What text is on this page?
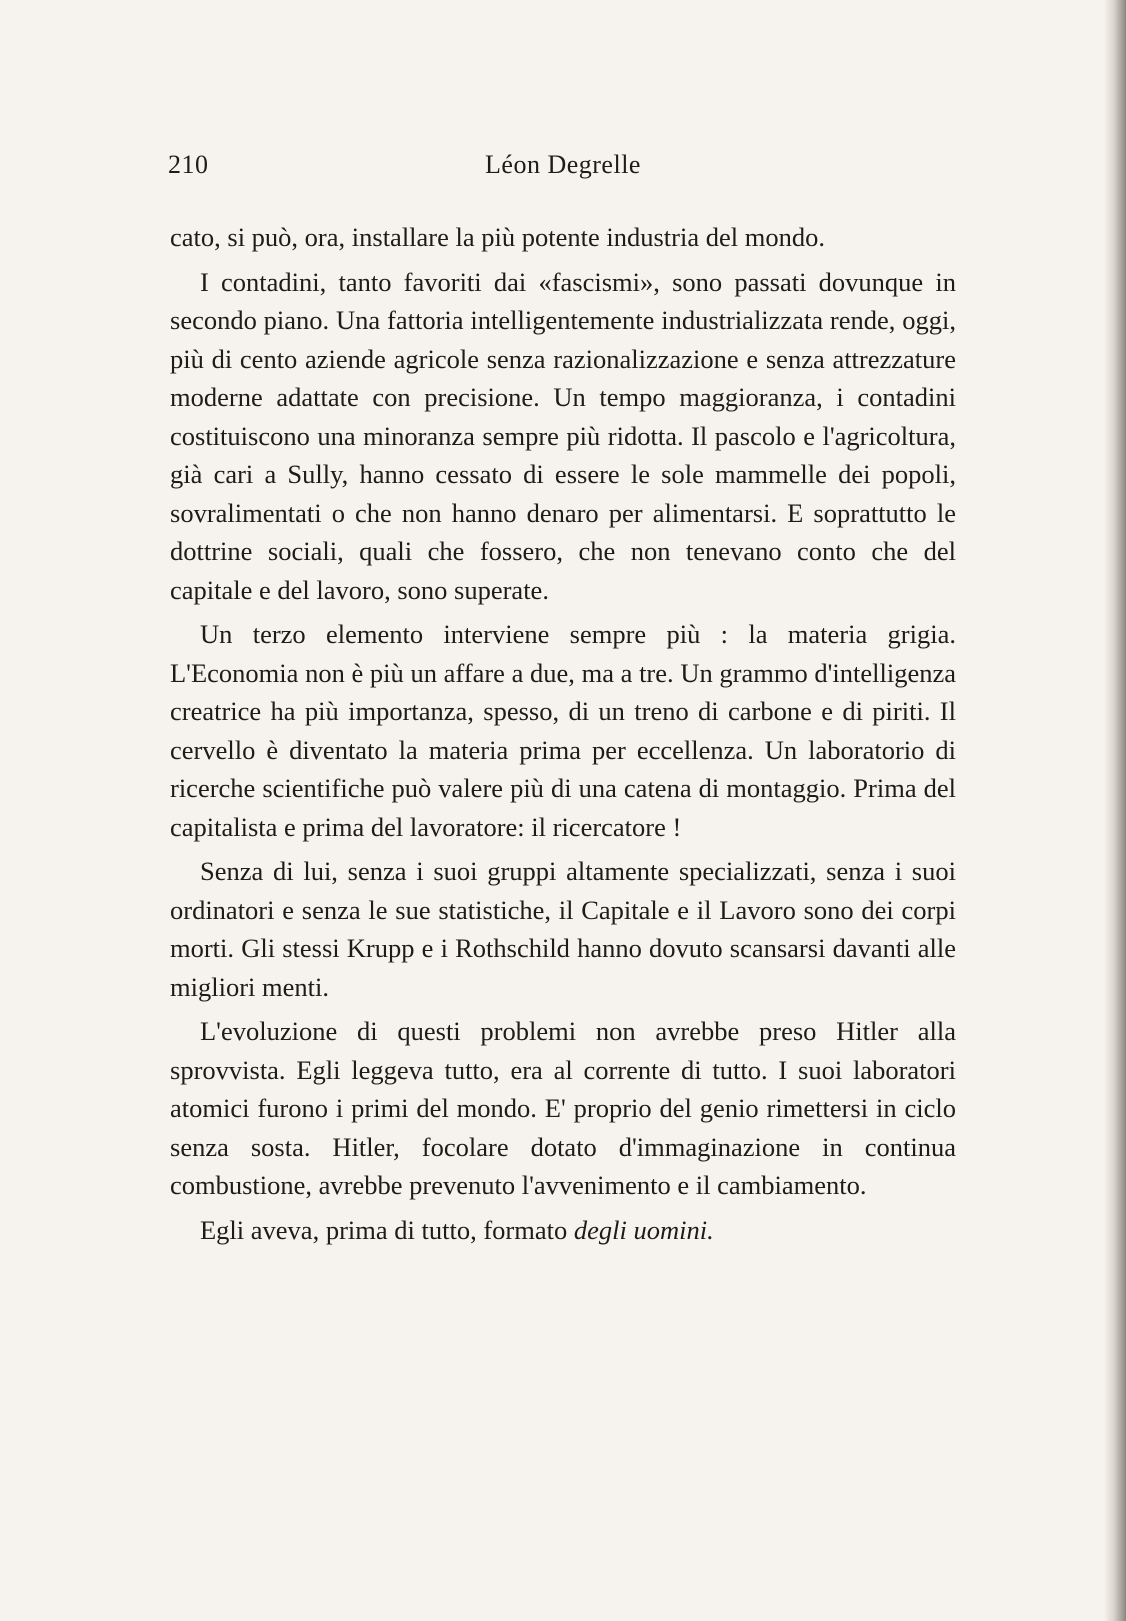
210	Léon Degrelle

cato, si può, ora, installare la più potente industria del mondo.

I contadini, tanto favoriti dai «fascismi», sono passati dovunque in secondo piano. Una fattoria intelligentemente industrializzata rende, oggi, più di cento aziende agricole senza razionalizzazione e senza attrezzature moderne adattate con precisione. Un tempo maggioranza, i contadini costituiscono una minoranza sempre più ridotta. Il pascolo e l'agricoltura, già cari a Sully, hanno cessato di essere le sole mammelle dei popoli, sovralimentati o che non hanno denaro per alimentarsi. E soprattutto le dottrine sociali, quali che fossero, che non tenevano conto che del capitale e del lavoro, sono superate.

Un terzo elemento interviene sempre più : la materia grigia. L'Economia non è più un affare a due, ma a tre. Un grammo d'intelligenza creatrice ha più importanza, spesso, di un treno di carbone e di piriti. Il cervello è diventato la materia prima per eccellenza. Un laboratorio di ricerche scientifiche può valere più di una catena di montaggio. Prima del capitalista e prima del lavoratore: il ricercatore !

Senza di lui, senza i suoi gruppi altamente specializzati, senza i suoi ordinatori e senza le sue statistiche, il Capitale e il Lavoro sono dei corpi morti. Gli stessi Krupp e i Rothschild hanno dovuto scansarsi davanti alle migliori menti.

L'evoluzione di questi problemi non avrebbe preso Hitler alla sprovvista. Egli leggeva tutto, era al corrente di tutto. I suoi laboratori atomici furono i primi del mondo. E' proprio del genio rimettersi in ciclo senza sosta. Hitler, focolare dotato d'immaginazione in continua combustione, avrebbe prevenuto l'avvenimento e il cambiamento.

Egli aveva, prima di tutto, formato degli uomini.
